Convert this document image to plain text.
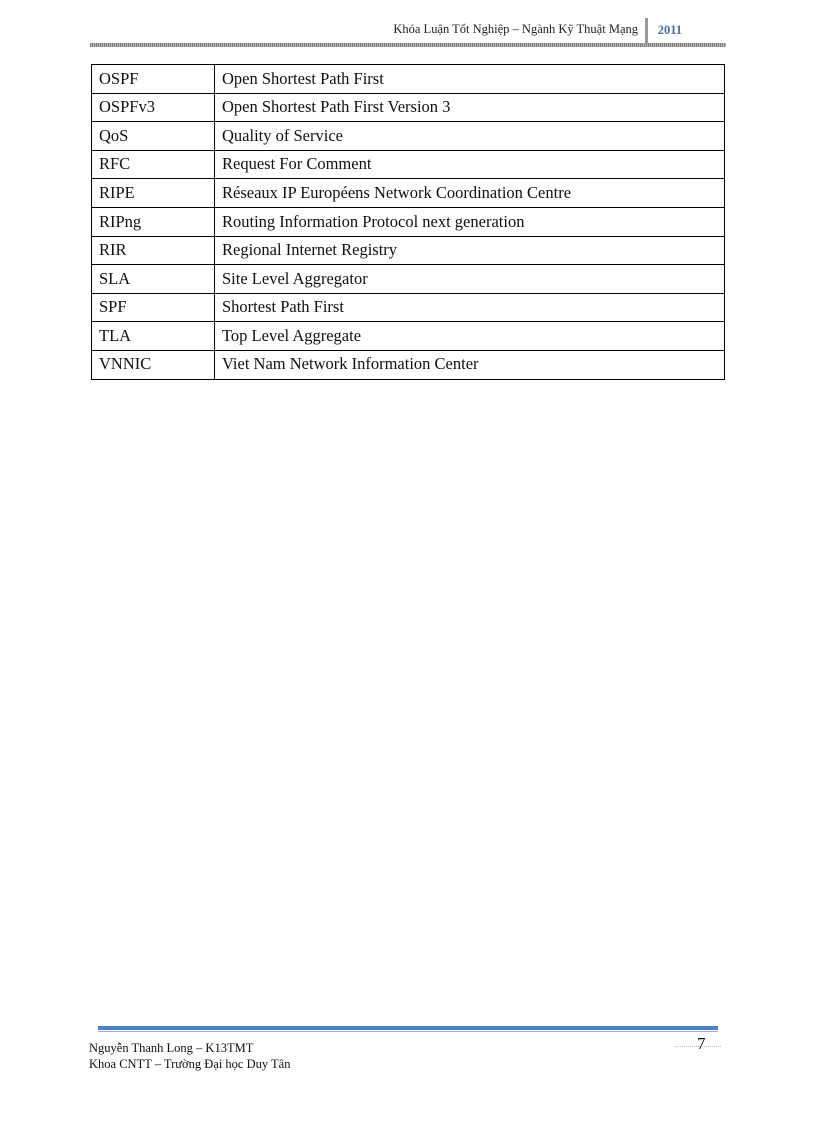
Khóa Luận Tốt Nghiệp – Ngành Kỹ Thuật Mạng 2011
OSPF	Open Shortest Path First
OSPFv3	Open Shortest Path First Version 3
QoS	Quality of Service
RFC	Request For Comment
RIPE	Réseaux IP Européens Network Coordination Centre
RIPng	Routing Information Protocol next generation
RIR	Regional Internet Registry
SLA	Site Level Aggregator
SPF	Shortest Path First
TLA	Top Level Aggregate
VNNIC	Viet Nam Network Information Center
Nguyễn Thanh Long – K13TMT
Khoa CNTT – Trường Đại học Duy Tân
7
